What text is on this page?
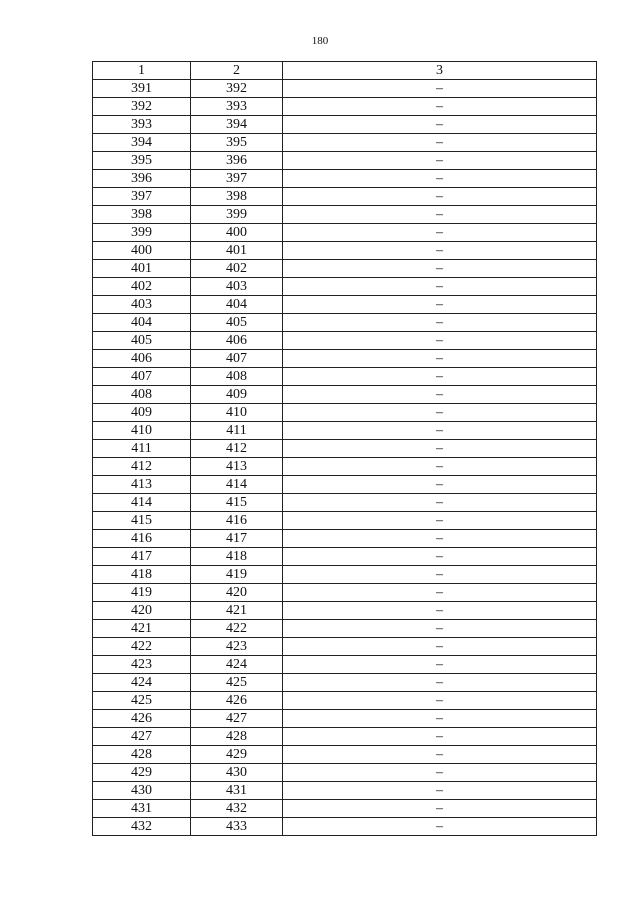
180
1	2	3
391	392	–
392	393	–
393	394	–
394	395	–
395	396	–
396	397	–
397	398	–
398	399	–
399	400	–
400	401	–
401	402	–
402	403	–
403	404	–
404	405	–
405	406	–
406	407	–
407	408	–
408	409	–
409	410	–
410	411	–
411	412	–
412	413	–
413	414	–
414	415	–
415	416	–
416	417	–
417	418	–
418	419	–
419	420	–
420	421	–
421	422	–
422	423	–
423	424	–
424	425	–
425	426	–
426	427	–
427	428	–
428	429	–
429	430	–
430	431	–
431	432	–
432	433	–
